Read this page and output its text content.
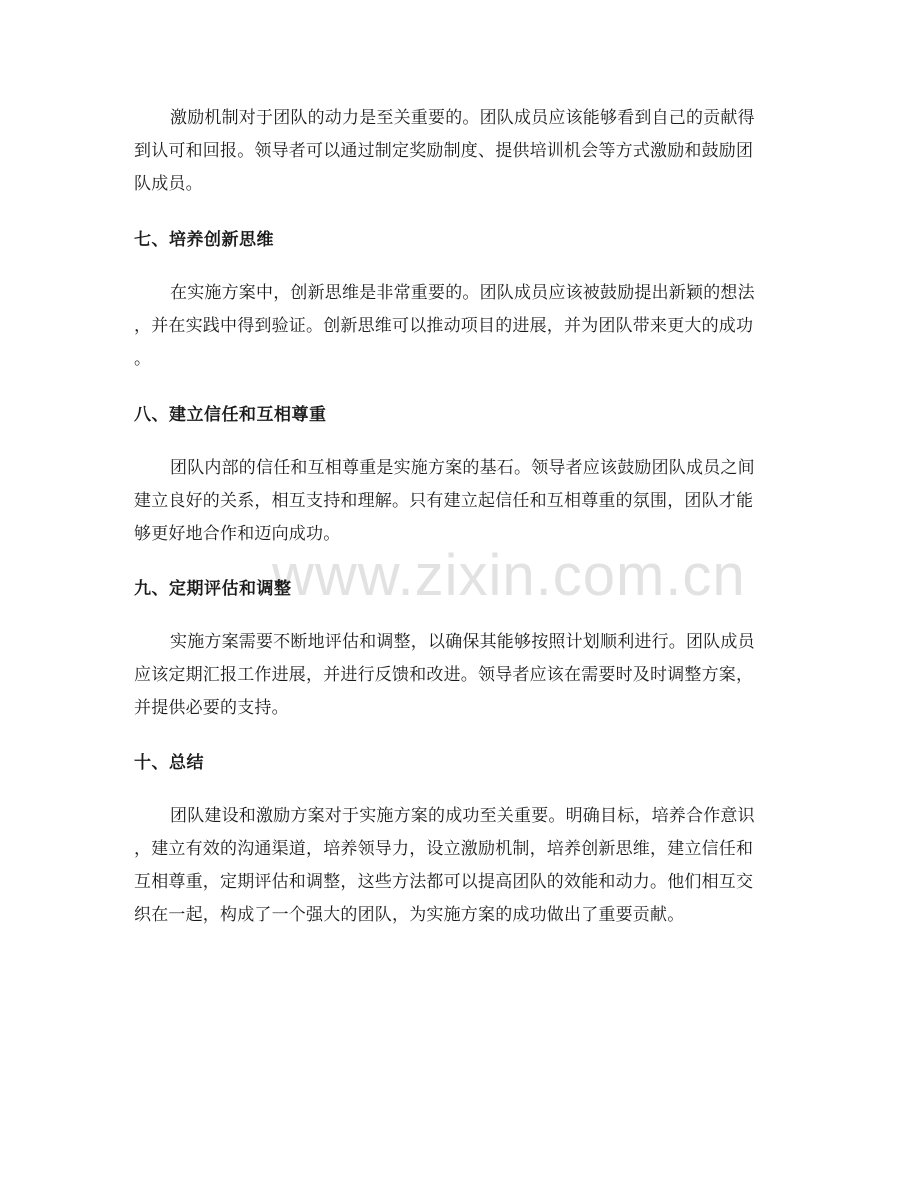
www.zixin.com.cn

激励机制对于团队的动力是至关重要的。团队成员应该能够看到自己的贡献得
到认可和回报。领导者可以通过制定奖励制度、提供培训机会等方式激励和鼓励团
队成员。

七、培养创新思维

在实施方案中，创新思维是非常重要的。团队成员应该被鼓励提出新颖的想法
，并在实践中得到验证。创新思维可以推动项目的进展，并为团队带来更大的成功
。

八、建立信任和互相尊重

团队内部的信任和互相尊重是实施方案的基石。领导者应该鼓励团队成员之间
建立良好的关系，相互支持和理解。只有建立起信任和互相尊重的氛围，团队才能
够更好地合作和迈向成功。

九、定期评估和调整

实施方案需要不断地评估和调整，以确保其能够按照计划顺利进行。团队成员
应该定期汇报工作进展，并进行反馈和改进。领导者应该在需要时及时调整方案，
并提供必要的支持。

十、总结

团队建设和激励方案对于实施方案的成功至关重要。明确目标，培养合作意识
，建立有效的沟通渠道，培养领导力，设立激励机制，培养创新思维，建立信任和
互相尊重，定期评估和调整，这些方法都可以提高团队的效能和动力。他们相互交
织在一起，构成了一个强大的团队，为实施方案的成功做出了重要贡献。
